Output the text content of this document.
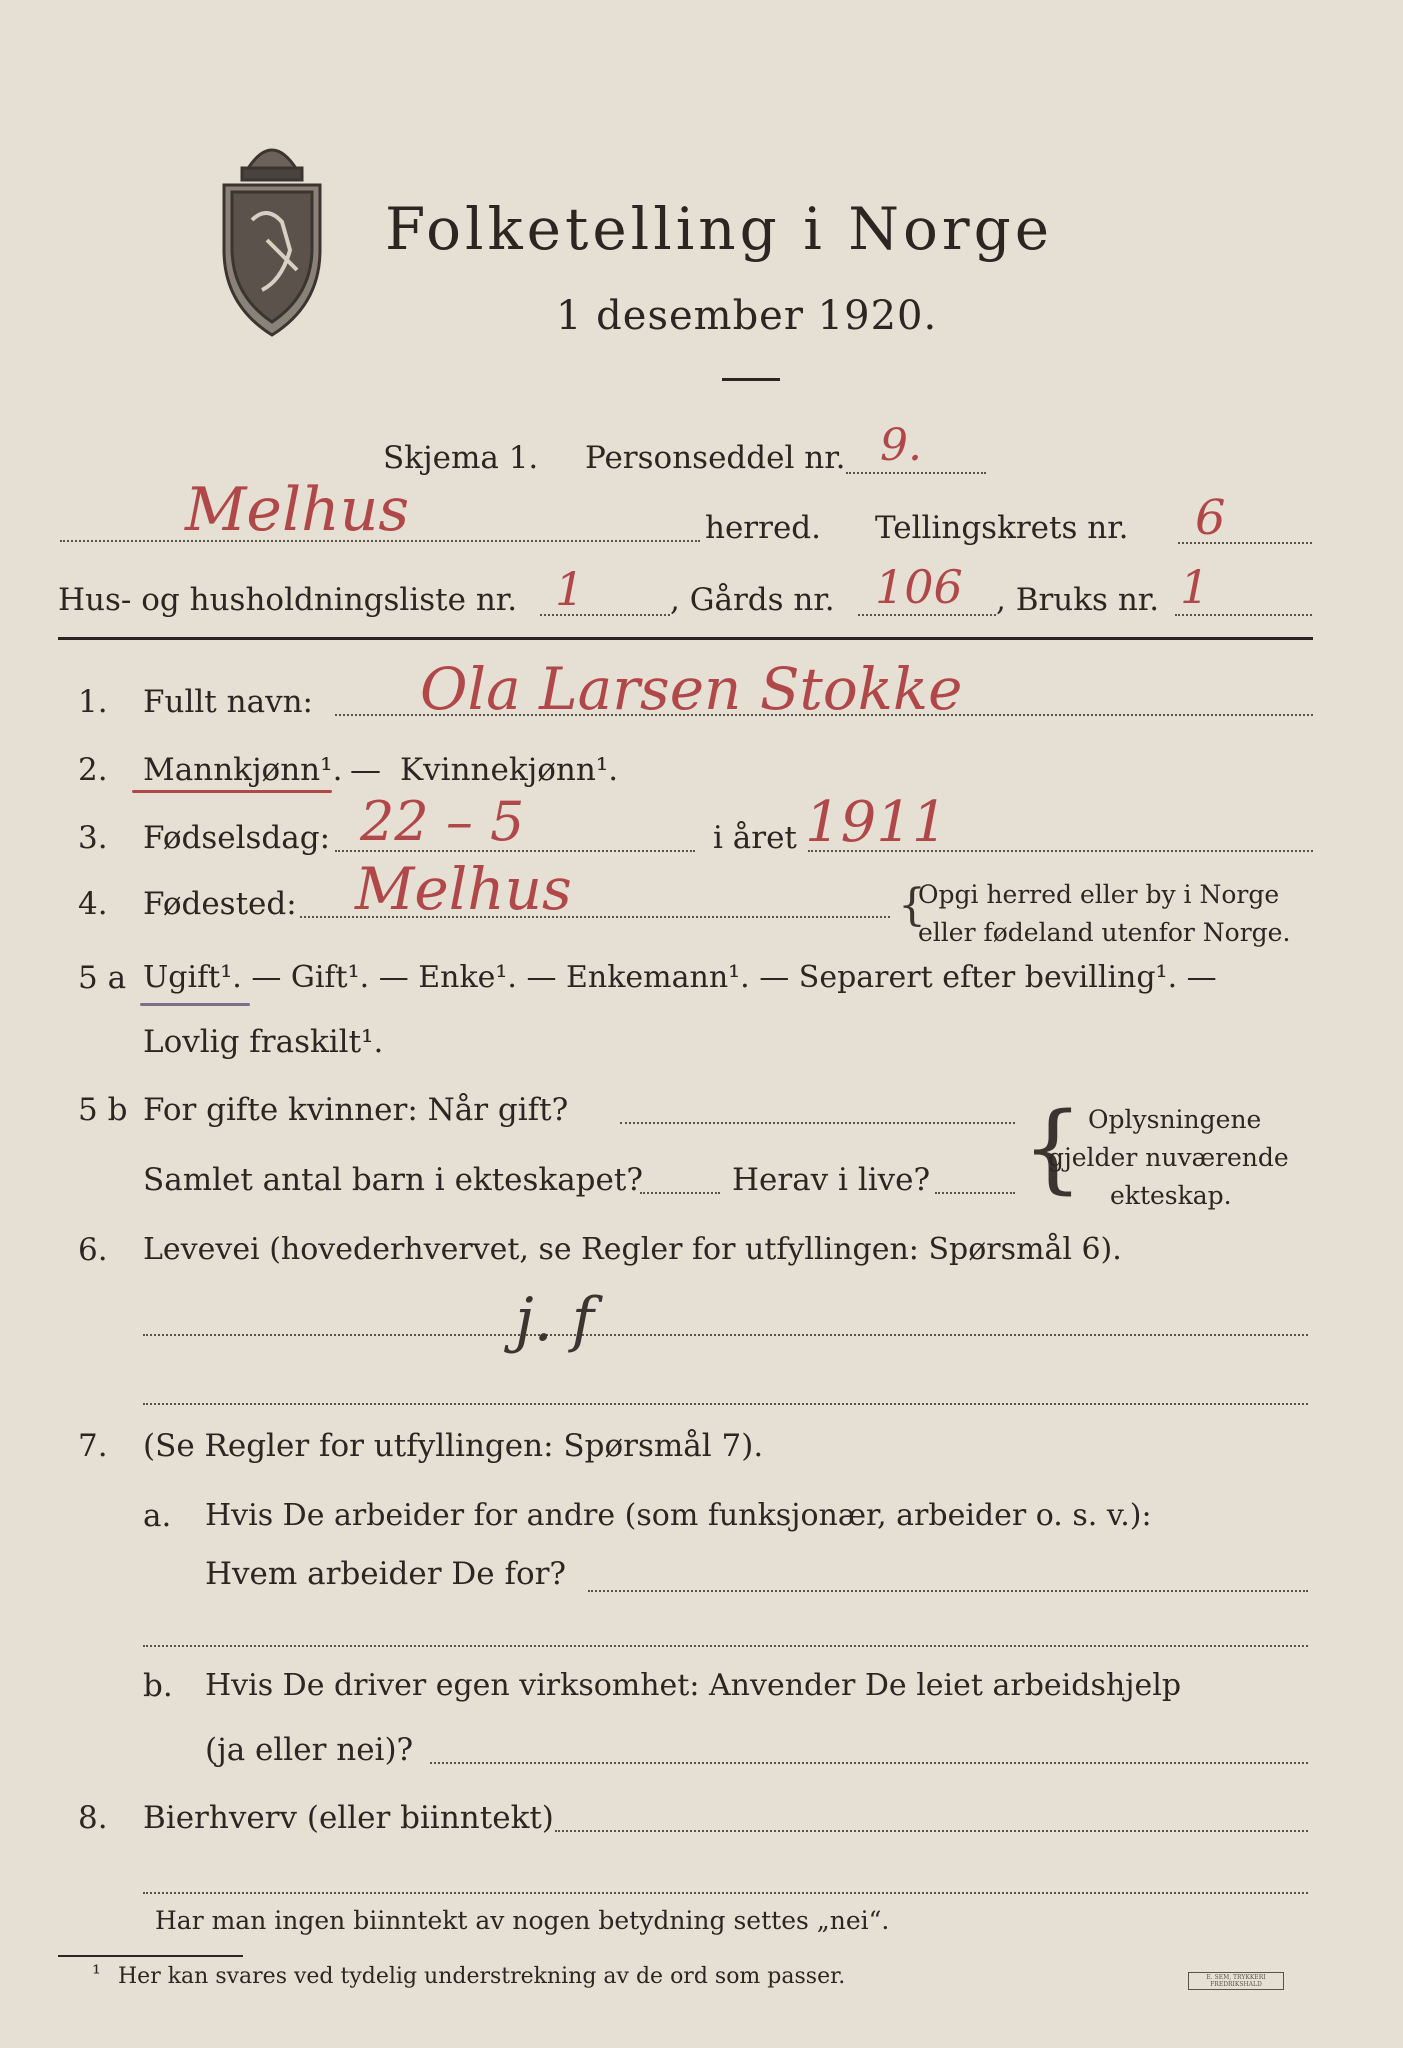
Folketelling i Norge
1 desember 1920.
Skjema 1. Personseddel nr. 9.
Melhus	herred. Tellingskrets nr. 6
Hus- og husholdningsliste nr. 1	, Gårds nr. 106 , Bruks nr. 1
1. Fullt navn: Ola Larsen Stokke
2. Mannkjønn¹. — Kvinnekjønn¹.
3. Fødselsdag: 22 – 5	i året 1911
4. Fødested: Melhus	{
Opgi herred eller by i Norge
eller fødeland utenfor Norge.
5 a Ugift¹. — Gift¹. — Enke¹. — Enkemann¹. — Separert efter bevilling¹. —
Lovlig fraskilt¹.
5 b For gifte kvinner: Når gift?
Samlet antal barn i ekteskapet?	Herav i live? { Oplysningene
gjelder nuværende
ekteskap.
6. Levevei (hovederhvervet, se Regler for utfyllingen: Spørsmål 6).
j. f
7. (Se Regler for utfyllingen: Spørsmål 7).
a. Hvis De arbeider for andre (som funksjonær, arbeider o. s. v.):
Hvem arbeider De for?
b. Hvis De driver egen virksomhet: Anvender De leiet arbeidshjelp
(ja eller nei)?
8. Bierhverv (eller biinntekt)
Har man ingen biinntekt av nogen betydning settes „nei“.
¹ Her kan svares ved tydelig understrekning av de ord som passer.	E. SEM, TRYKKERI FREDRIKSHALD
